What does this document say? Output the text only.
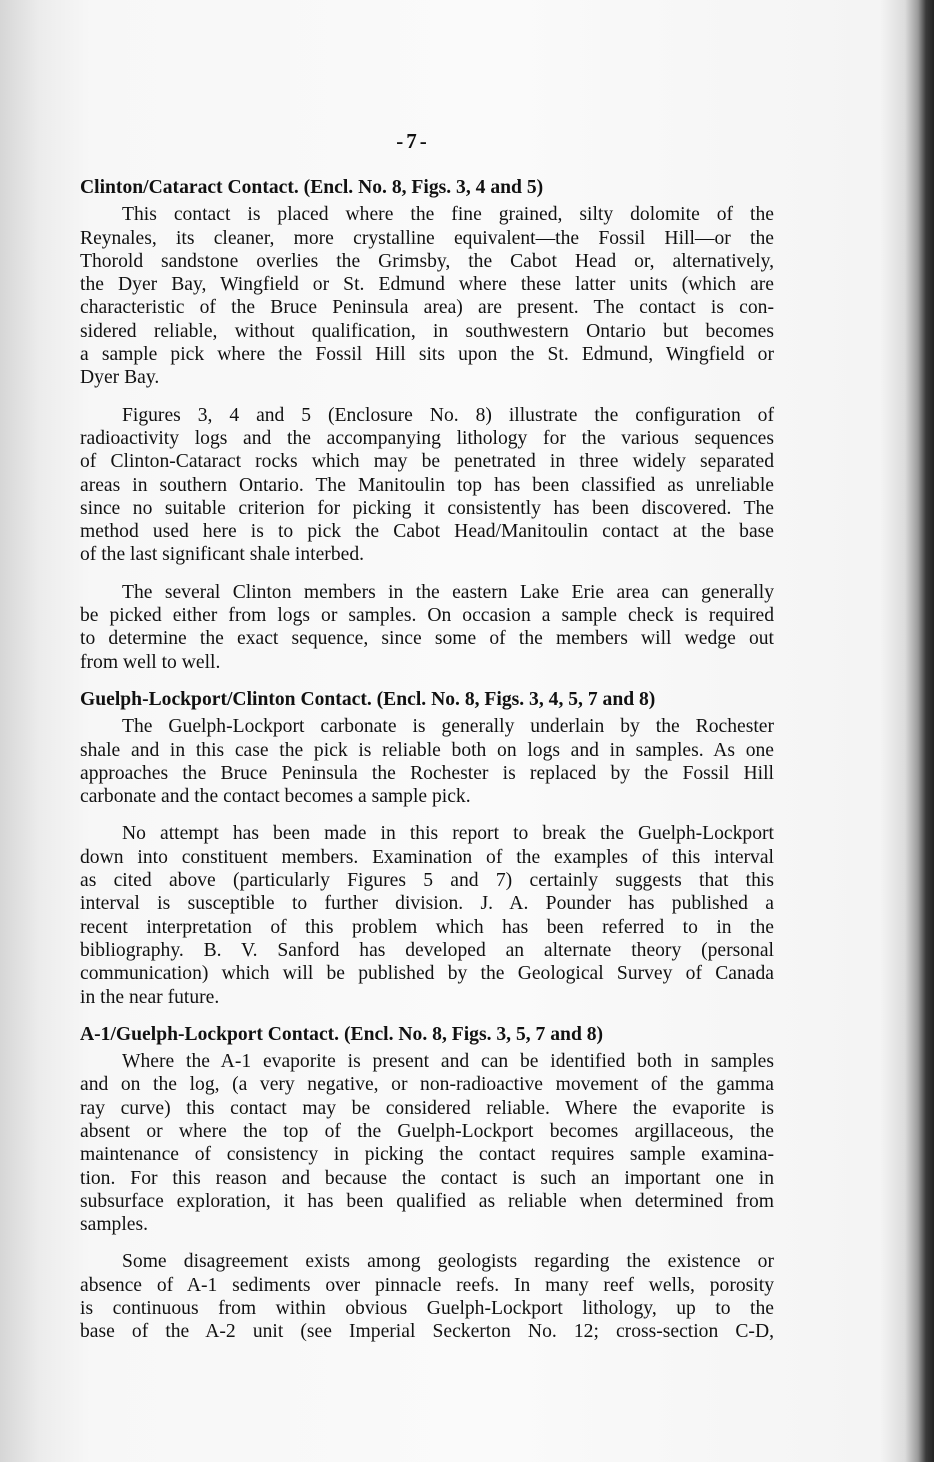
-7-
Clinton/Cataract Contact. (Encl. No. 8, Figs. 3, 4 and 5)
This contact is placed where the fine grained, silty dolomite of the
Reynales, its cleaner, more crystalline equivalent—the Fossil Hill—or the
Thorold sandstone overlies the Grimsby, the Cabot Head or, alternatively,
the Dyer Bay, Wingfield or St. Edmund where these latter units (which are
characteristic of the Bruce Peninsula area) are present. The contact is con-
sidered reliable, without qualification, in southwestern Ontario but becomes
a sample pick where the Fossil Hill sits upon the St. Edmund, Wingfield or
Dyer Bay.
Figures 3, 4 and 5 (Enclosure No. 8) illustrate the configuration of
radioactivity logs and the accompanying lithology for the various sequences
of Clinton-Cataract rocks which may be penetrated in three widely separated
areas in southern Ontario. The Manitoulin top has been classified as unreliable
since no suitable criterion for picking it consistently has been discovered. The
method used here is to pick the Cabot Head/Manitoulin contact at the base
of the last significant shale interbed.
The several Clinton members in the eastern Lake Erie area can generally
be picked either from logs or samples. On occasion a sample check is required
to determine the exact sequence, since some of the members will wedge out
from well to well.
Guelph-Lockport/Clinton Contact. (Encl. No. 8, Figs. 3, 4, 5, 7 and 8)
The Guelph-Lockport carbonate is generally underlain by the Rochester
shale and in this case the pick is reliable both on logs and in samples. As one
approaches the Bruce Peninsula the Rochester is replaced by the Fossil Hill
carbonate and the contact becomes a sample pick.
No attempt has been made in this report to break the Guelph-Lockport
down into constituent members. Examination of the examples of this interval
as cited above (particularly Figures 5 and 7) certainly suggests that this
interval is susceptible to further division. J. A. Pounder has published a
recent interpretation of this problem which has been referred to in the
bibliography. B. V. Sanford has developed an alternate theory (personal
communication) which will be published by the Geological Survey of Canada
in the near future.
A-1/Guelph-Lockport Contact. (Encl. No. 8, Figs. 3, 5, 7 and 8)
Where the A-1 evaporite is present and can be identified both in samples
and on the log, (a very negative, or non-radioactive movement of the gamma
ray curve) this contact may be considered reliable. Where the evaporite is
absent or where the top of the Guelph-Lockport becomes argillaceous, the
maintenance of consistency in picking the contact requires sample examina-
tion. For this reason and because the contact is such an important one in
subsurface exploration, it has been qualified as reliable when determined from
samples.
Some disagreement exists among geologists regarding the existence or
absence of A-1 sediments over pinnacle reefs. In many reef wells, porosity
is continuous from within obvious Guelph-Lockport lithology, up to the
base of the A-2 unit (see Imperial Seckerton No. 12; cross-section C-D,
